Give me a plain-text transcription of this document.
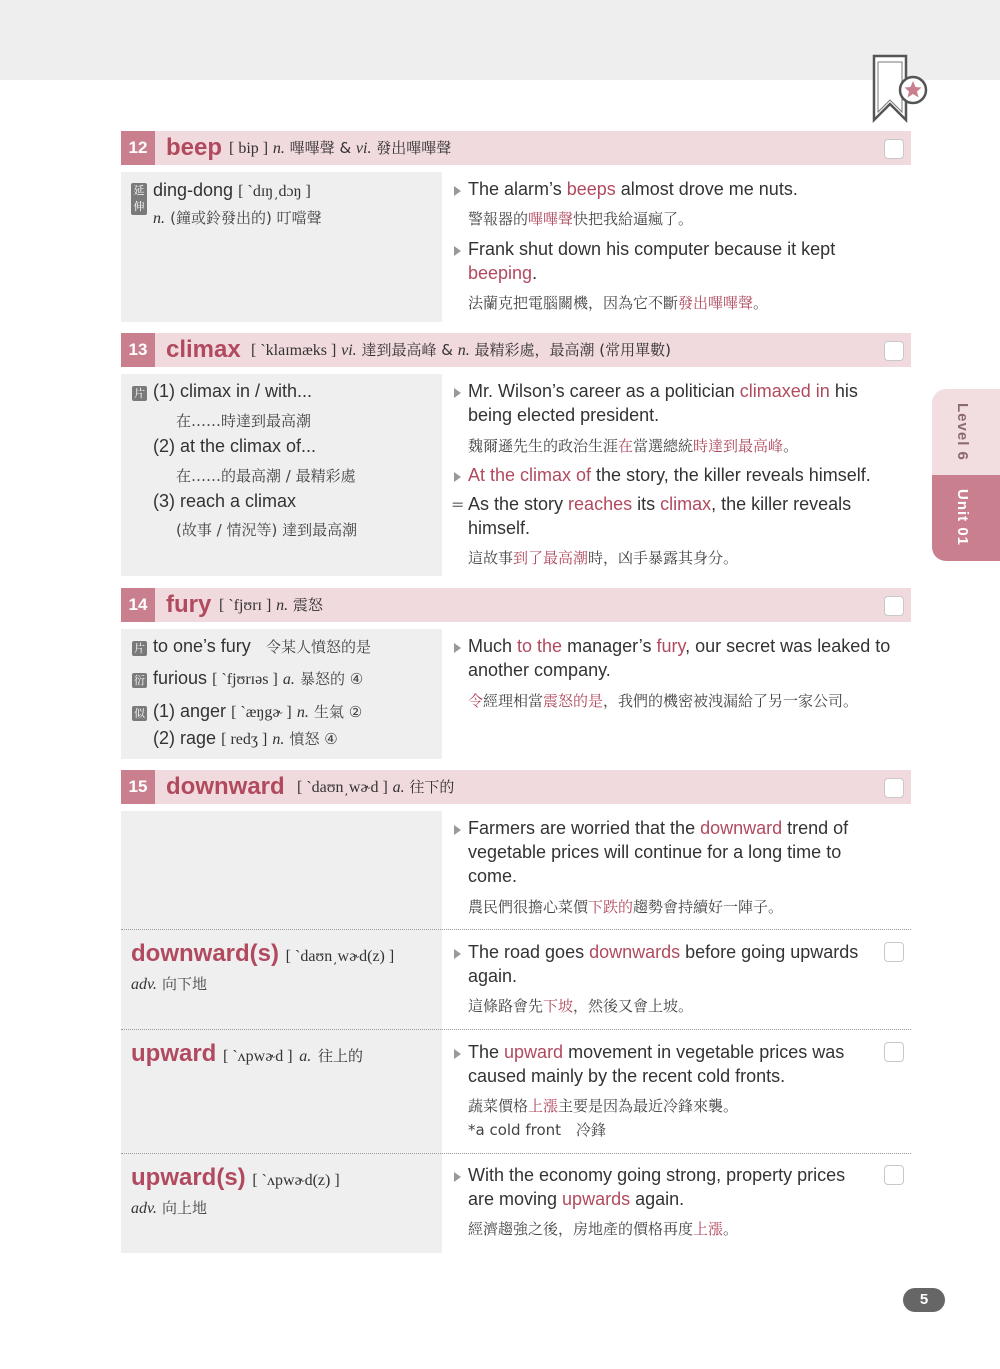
Level 6
Unit 01
12 beep [ bip ] n. 嗶嗶聲 & vi. 發出嗶嗶聲
延伸
ding-dong [ ˋdɪŋ͵dɔŋ ]
n. (鐘或鈴發出的) 叮噹聲
The alarm’s beeps almost drove me nuts.
警報器的嗶嗶聲快把我給逼瘋了。
Frank shut down his computer because it kept
beeping.
法蘭克把電腦關機，因為它不斷發出嗶嗶聲。
13 climax [ ˋklaɪmæks ] vi. 達到最高峰 & n. 最精彩處，最高潮 (常用單數)
片 (1) climax in / with...
在……時達到最高潮
(2) at the climax of...
在……的最高潮 / 最精彩處
(3) reach a climax
(故事 / 情況等) 達到最高潮
Mr. Wilson’s career as a politician climaxed in his
being elected president.
魏爾遜先生的政治生涯在當選總統時達到最高峰。
At the climax of the story, the killer reveals himself.
= As the story reaches its climax, the killer reveals
himself.
這故事到了最高潮時，凶手暴露其身分。
14 fury [ ˋfjʊrɪ ] n. 震怒
片 to one’s fury 令某人憤怒的是
衍 furious [ ˋfjʊrɪəs ] a. 暴怒的 ④
似 (1) anger [ ˋæŋgɚ ] n. 生氣 ②
(2) rage [ redʒ ] n. 憤怒 ④
Much to the manager’s fury, our secret was leaked to
another company.
令經理相當震怒的是，我們的機密被洩漏給了另一家公司。
15 downward [ ˋdaʊn͵wɚd ] a. 往下的
Farmers are worried that the downward trend of
vegetable prices will continue for a long time to
come.
農民們很擔心菜價下跌的趨勢會持續好一陣子。
downward(s) [ ˋdaʊn͵wɚd(z) ]
adv. 向下地
The road goes downwards before going upwards
again.
這條路會先下坡，然後又會上坡。
upward [ ˋʌpwɚd ] a. 往上的	The upward movement in vegetable prices was
caused mainly by the recent cold fronts.
蔬菜價格上漲主要是因為最近冷鋒來襲。
*a cold front　冷鋒
upward(s) [ ˋʌpwɚd(z) ]
adv. 向上地
With the economy going strong, property prices
are moving upwards again.
經濟趨強之後，房地產的價格再度上漲。
5
